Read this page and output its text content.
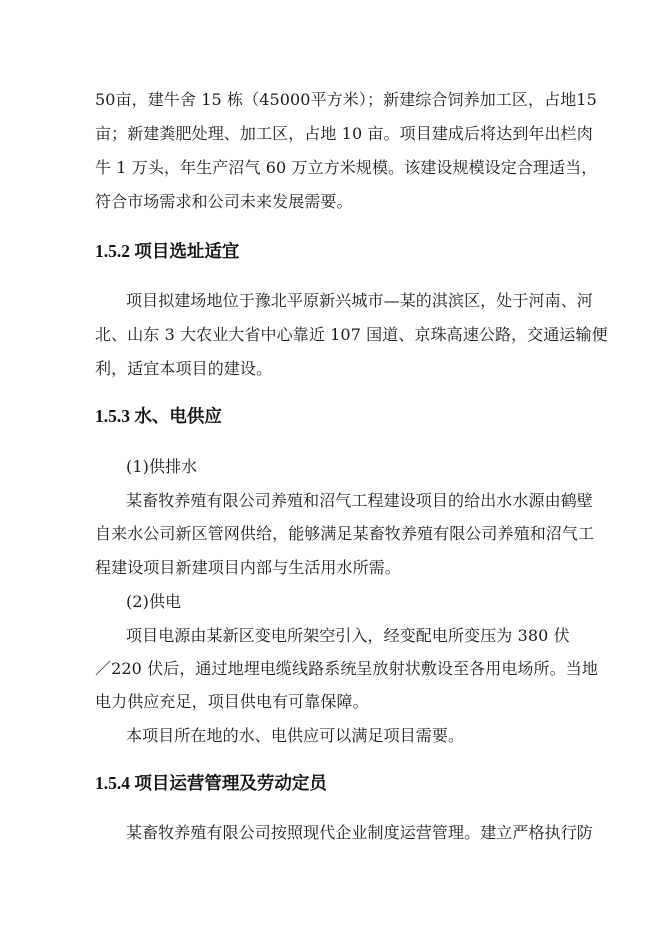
50亩，建牛舍 15 栋（45000平方米）；新建综合饲养加工区，占地15
亩；新建粪肥处理、加工区，占地 10 亩。项目建成后将达到年出栏肉
牛 1 万头，年生产沼气 60 万立方米规模。该建设规模设定合理适当，
符合市场需求和公司未来发展需要。
1.5.2 项目选址适宜
项目拟建场地位于豫北平原新兴城市—某的淇滨区，处于河南、河
北、山东 3 大农业大省中心靠近 107 国道、京珠高速公路，交通运输便
利，适宜本项目的建设。
1.5.3 水、电供应
(1)供排水
某畜牧养殖有限公司养殖和沼气工程建设项目的给出水水源由鹤壁
自来水公司新区管网供给，能够满足某畜牧养殖有限公司养殖和沼气工
程建设项目新建项目内部与生活用水所需。
(2)供电
项目电源由某新区变电所架空引入，经变配电所变压为 380 伏
／220 伏后，通过地埋电缆线路系统呈放射状敷设至各用电场所。当地
电力供应充足，项目供电有可靠保障。
本项目所在地的水、电供应可以满足项目需要。
1.5.4 项目运营管理及劳动定员
某畜牧养殖有限公司按照现代企业制度运营管理。建立严格执行防
